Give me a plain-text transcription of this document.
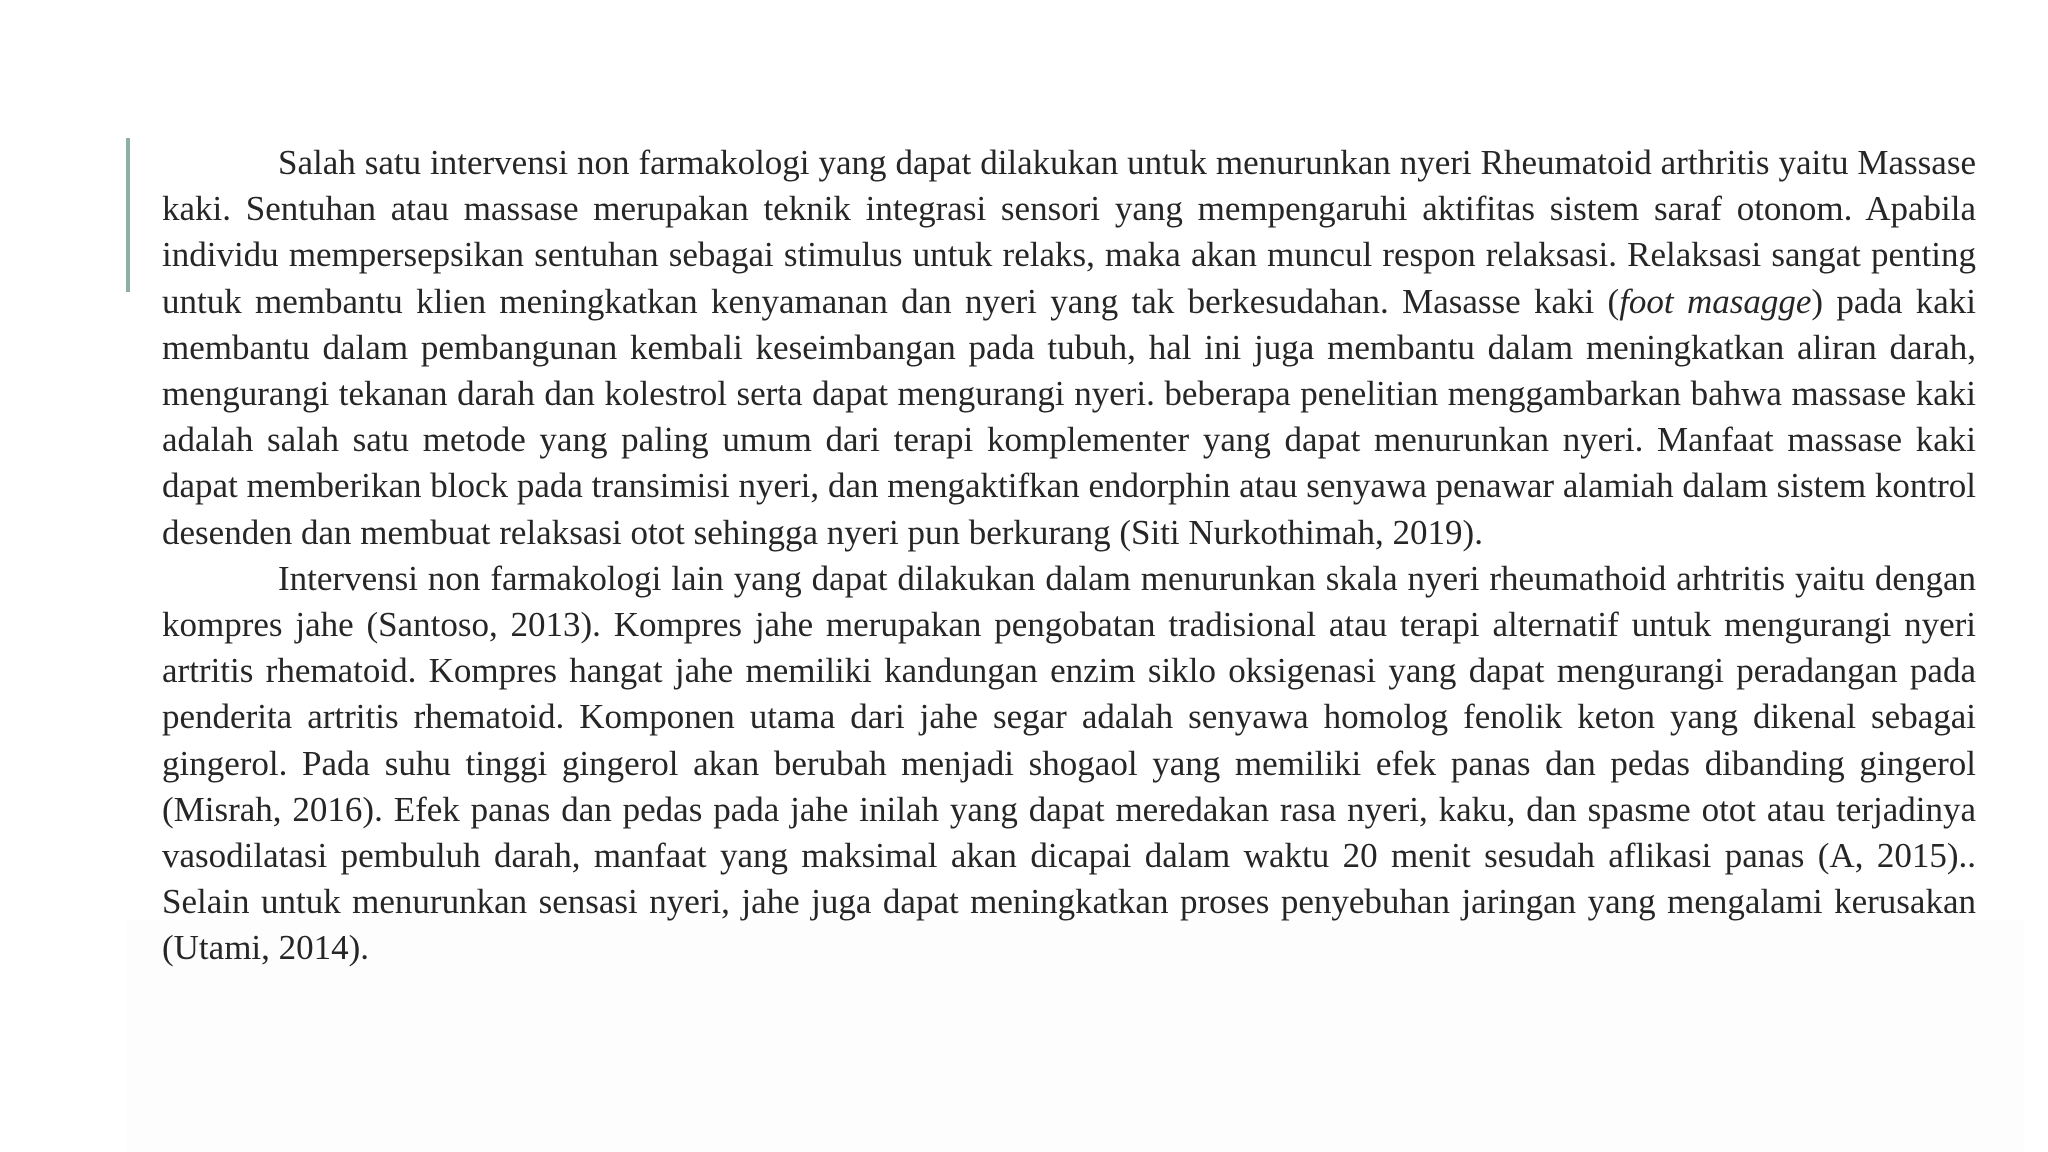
Salah satu intervensi non farmakologi yang dapat dilakukan untuk menurunkan nyeri Rheumatoid arthritis yaitu Massase kaki. Sentuhan atau massase merupakan teknik integrasi sensori yang mempengaruhi aktifitas sistem saraf otonom. Apabila individu mempersepsikan sentuhan sebagai stimulus untuk relaks, maka akan muncul respon relaksasi. Relaksasi sangat penting untuk membantu klien meningkatkan kenyamanan dan nyeri yang tak berkesudahan. Masasse kaki (foot masagge) pada kaki membantu dalam pembangunan kembali keseimbangan pada tubuh, hal ini juga membantu dalam meningkatkan aliran darah, mengurangi tekanan darah dan kolestrol serta dapat mengurangi nyeri. beberapa penelitian menggambarkan bahwa massase kaki adalah salah satu metode yang paling umum dari terapi komplementer yang dapat menurunkan nyeri. Manfaat massase kaki dapat memberikan block pada transimisi nyeri, dan mengaktifkan endorphin atau senyawa penawar alamiah dalam sistem kontrol desenden dan membuat relaksasi otot sehingga nyeri pun berkurang (Siti Nurkothimah, 2019).

Intervensi non farmakologi lain yang dapat dilakukan dalam menurunkan skala nyeri rheumathoid arhtritis yaitu dengan kompres jahe (Santoso, 2013). Kompres jahe merupakan pengobatan tradisional atau terapi alternatif untuk mengurangi nyeri artritis rhematoid. Kompres hangat jahe memiliki kandungan enzim siklo oksigenasi yang dapat mengurangi peradangan pada penderita artritis rhematoid. Komponen utama dari jahe segar adalah senyawa homolog fenolik keton yang dikenal sebagai gingerol. Pada suhu tinggi gingerol akan berubah menjadi shogaol yang memiliki efek panas dan pedas dibanding gingerol (Misrah, 2016). Efek panas dan pedas pada jahe inilah yang dapat meredakan rasa nyeri, kaku, dan spasme otot atau terjadinya vasodilatasi pembuluh darah, manfaat yang maksimal akan dicapai dalam waktu 20 menit sesudah aflikasi panas (A, 2015).. Selain untuk menurunkan sensasi nyeri, jahe juga dapat meningkatkan proses penyebuhan jaringan yang mengalami kerusakan (Utami, 2014).
